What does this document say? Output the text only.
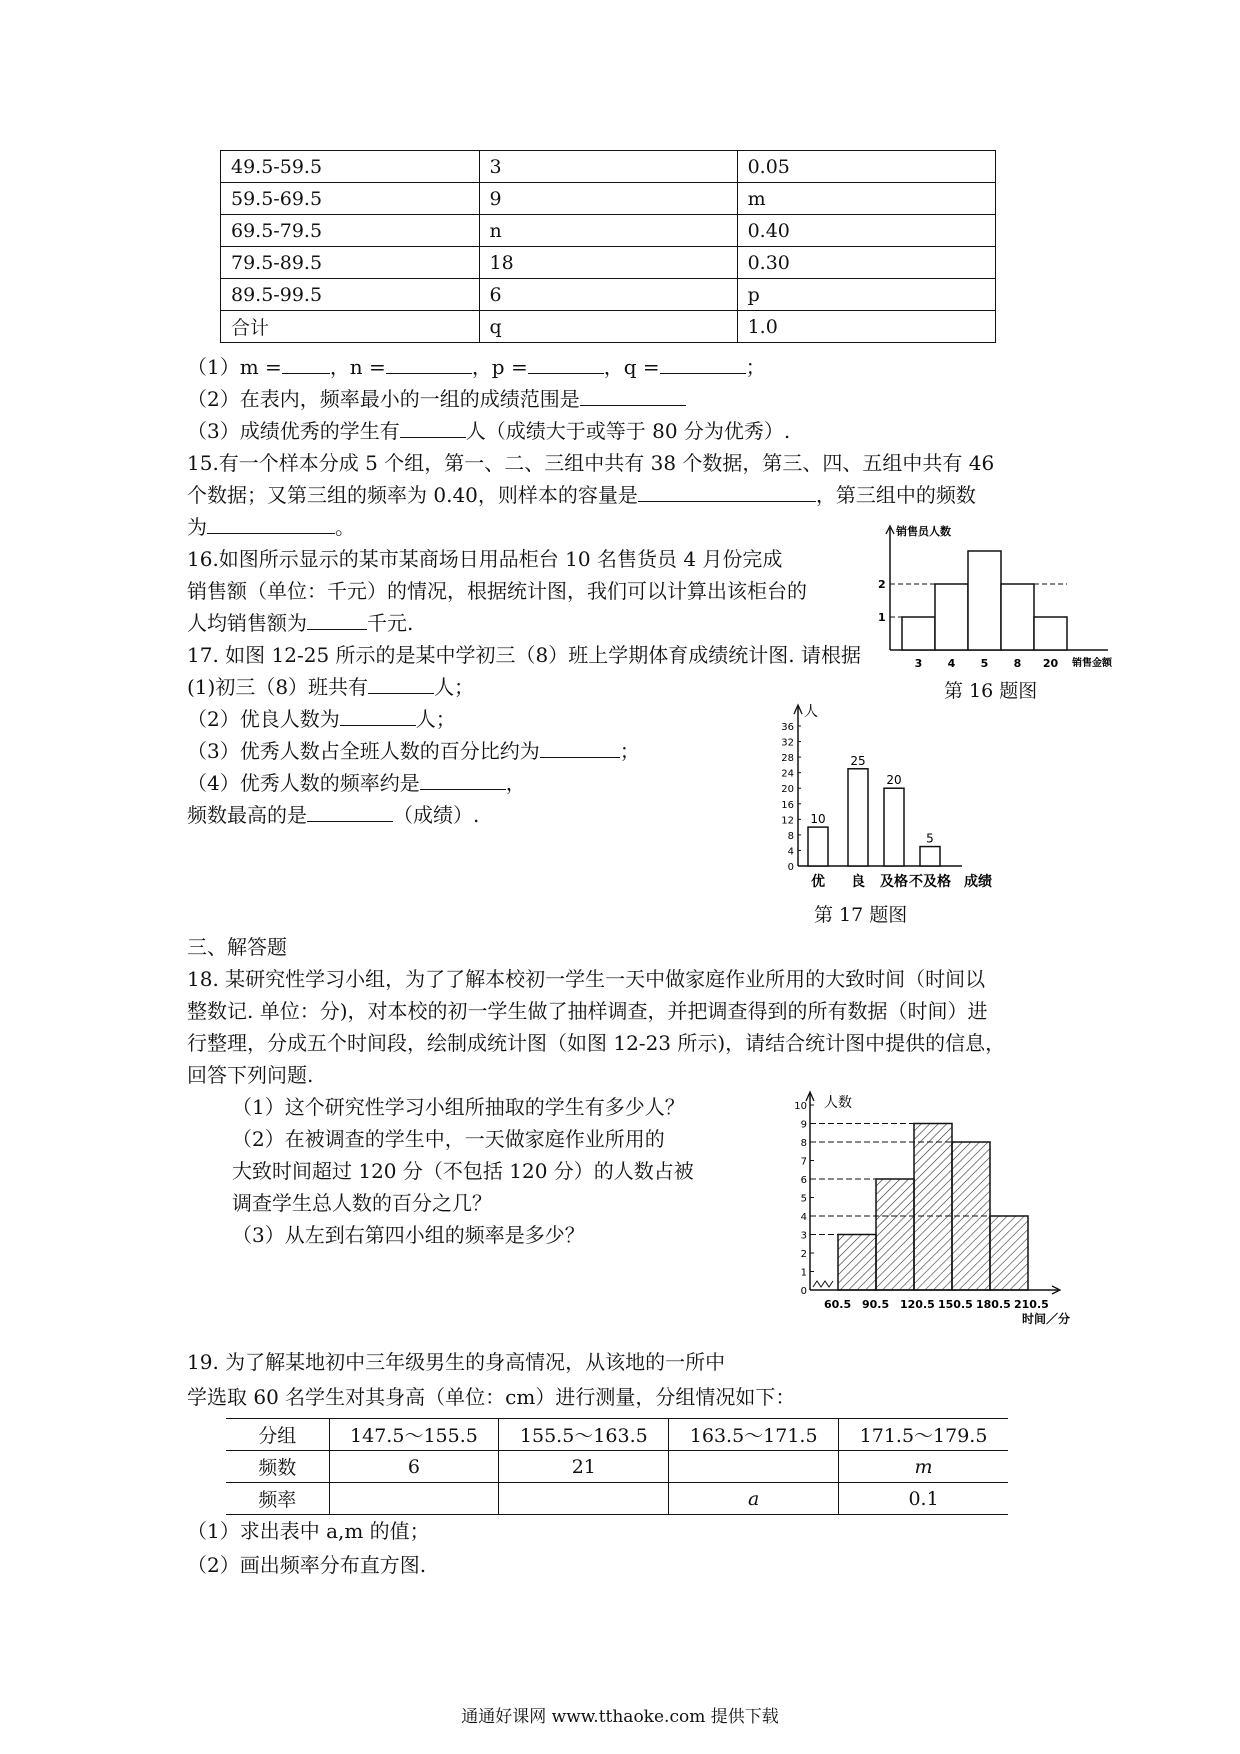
49.5-59.5	3	0.05
59.5-69.5	9	m
69.5-79.5	n	0.40
79.5-89.5	18	0.30
89.5-99.5	6	p
合计	q	1.0
（1）m = ，n =	，p =	，q =	；
（2）在表内，频率最小的一组的成绩范围是
（3）成绩优秀的学生有	人（成绩大于或等于 80 分为优秀）.
15.有一个样本分成 5 个组，第一、二、三组中共有 38 个数据，第三、四、五组中共有 46
个数据；又第三组的频率为 0.40，则样本的容量是	，第三组中的频数
为	。
16.如图所示显示的某市某商场日用品柜台 10 名售货员 4 月份完成
销售额（单位：千元）的情况，根据统计图，我们可以计算出该柜台的
人均销售额为	千元.
销售员人数
销售金额
1
2
3 4 5 8 20
第 16 题图
17. 如图 12-25 所示的是某中学初三（8）班上学期体育成绩统计图. 请根据
(1)初三（8）班共有	人；
（2）优良人数为	人；
（3）优秀人数占全班人数的百分比约为	；
（4）优秀人数的频率约是	，
频数最高的是	（成绩）.
人
0
4
8
12
16
20
24
28
32
36
10
25
20
5
优 良 及格 不及格 成绩
第 17 题图
三、解答题
18. 某研究性学习小组，为了了解本校初一学生一天中做家庭作业所用的大致时间（时间以
整数记. 单位：分)，对本校的初一学生做了抽样调查，并把调查得到的所有数据（时间）进
行整理，分成五个时间段，绘制成统计图（如图 12-23 所示)，请结合统计图中提供的信息，
回答下列问题.
（1）这个研究性学习小组所抽取的学生有多少人？
（2）在被调查的学生中，一天做家庭作业所用的
大致时间超过 120 分（不包括 120 分）的人数占被
调查学生总人数的百分之几？
（3）从左到右第四小组的频率是多少？
人数
0
1
2
3
4
5
6
7
8
9
10
60.5 90.5 120.5 150.5 180.5 210.5
时间／分
19. 为了解某地初中三年级男生的身高情况，从该地的一所中
学选取 60 名学生对其身高（单位：cm）进行测量，分组情况如下：
分组	147.5～155.5	155.5～163.5	163.5～171.5	171.5～179.5
频数	6	21		m
频率			a	0.1
（1）求出表中 a,m 的值；
（2）画出频率分布直方图.
通通好课网 www.tthaoke.com 提供下载
